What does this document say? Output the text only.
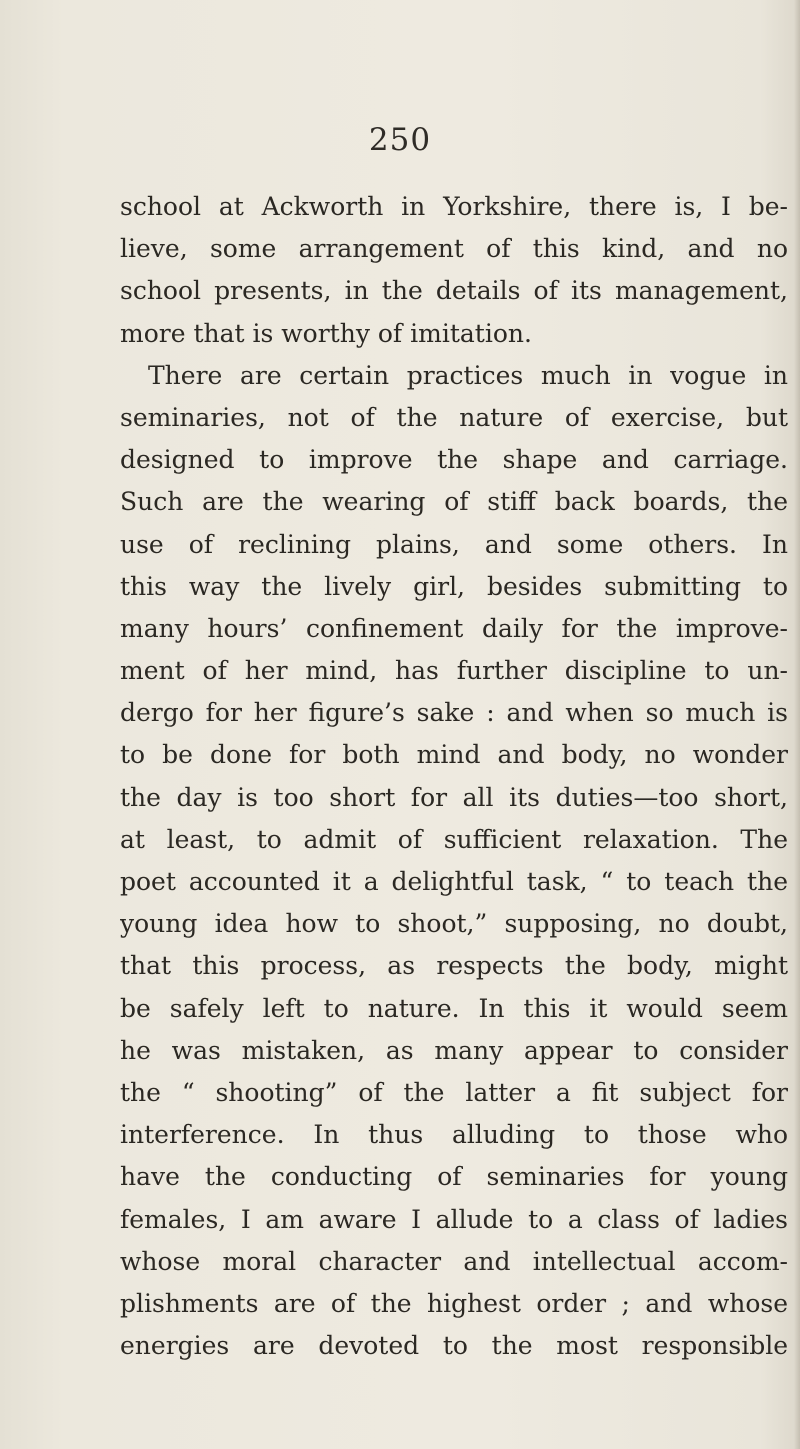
250
school at Ackworth in Yorkshire, there is, I be-
lieve, some arrangement of this kind, and no
school presents, in the details of its management,
more that is worthy of imitation.
There are certain practices much in vogue in
seminaries, not of the nature of exercise, but
designed to improve the shape and carriage.
Such are the wearing of stiff back boards, the
use of reclining plains, and some others. In
this way the lively girl, besides submitting to
many hours’ confinement daily for the improve-
ment of her mind, has further discipline to un-
dergo for her figure’s sake : and when so much is
to be done for both mind and body, no wonder
the day is too short for all its duties—too short,
at least, to admit of sufficient relaxation. The
poet accounted it a delightful task, “ to teach the
young idea how to shoot,” supposing, no doubt,
that this process, as respects the body, might
be safely left to nature. In this it would seem
he was mistaken, as many appear to consider
the “ shooting” of the latter a fit subject for
interference. In thus alluding to those who
have the conducting of seminaries for young
females, I am aware I allude to a class of ladies
whose moral character and intellectual accom-
plishments are of the highest order ; and whose
energies are devoted to the most responsible
